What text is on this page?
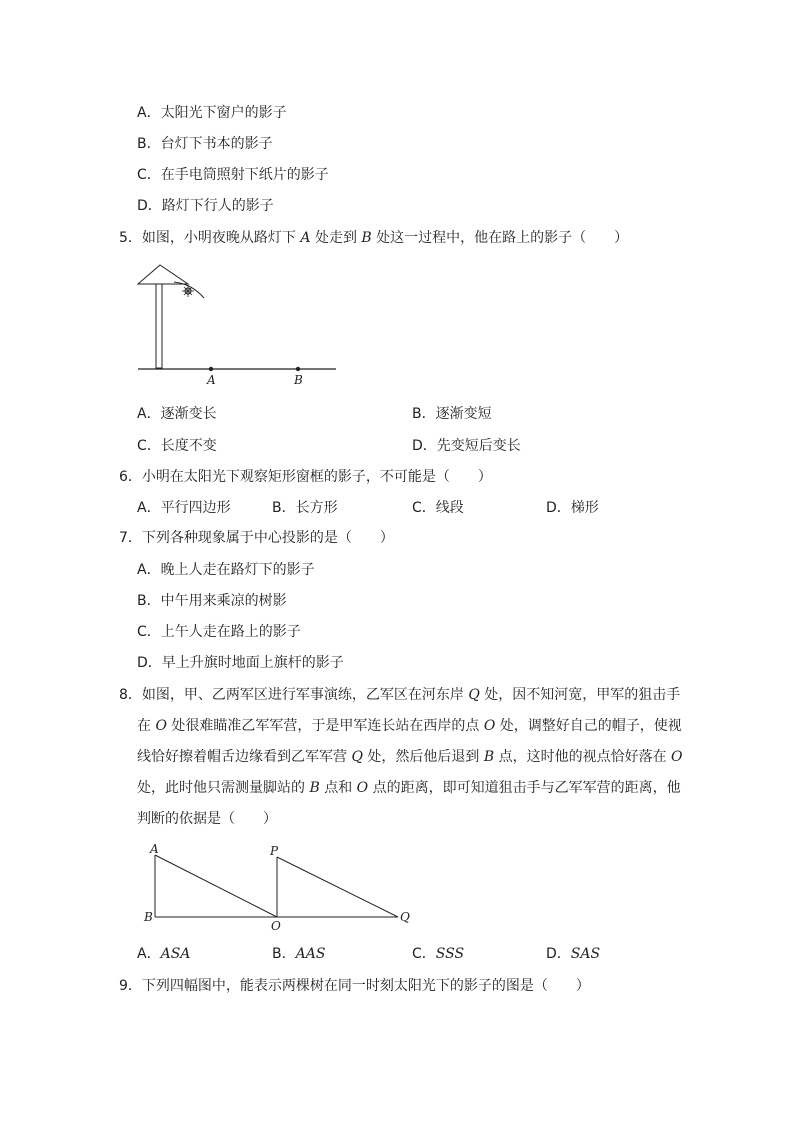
A．太阳光下窗户的影子
B．台灯下书本的影子
C．在手电筒照射下纸片的影子
D．路灯下行人的影子
5．如图，小明夜晚从路灯下 A 处走到 B 处这一过程中，他在路上的影子（　　）
A	B
A．逐渐变长	B．逐渐变短
C．长度不变	D．先变短后变长
6．小明在太阳光下观察矩形窗框的影子，不可能是（　　）
A．平行四边形	B．长方形	C．线段	D．梯形
7．下列各种现象属于中心投影的是（　　）
A．晚上人走在路灯下的影子
B．中午用来乘凉的树影
C．上午人走在路上的影子
D．早上升旗时地面上旗杆的影子
8．如图，甲、乙两军区进行军事演练，乙军区在河东岸 Q 处，因不知河宽，甲军的狙击手
在 O 处很难瞄准乙军军营，于是甲军连长站在西岸的点 O 处，调整好自己的帽子，使视
线恰好擦着帽舌边缘看到乙军军营 Q 处，然后他后退到 B 点，这时他的视点恰好落在 O
处，此时他只需测量脚站的 B 点和 O 点的距离，即可知道狙击手与乙军军营的距离，他
判断的依据是（　　）
A
B
O
P
Q
A．ASA	B．AAS	C．SSS	D．SAS
9．下列四幅图中，能表示两棵树在同一时刻太阳光下的影子的图是（　　）
